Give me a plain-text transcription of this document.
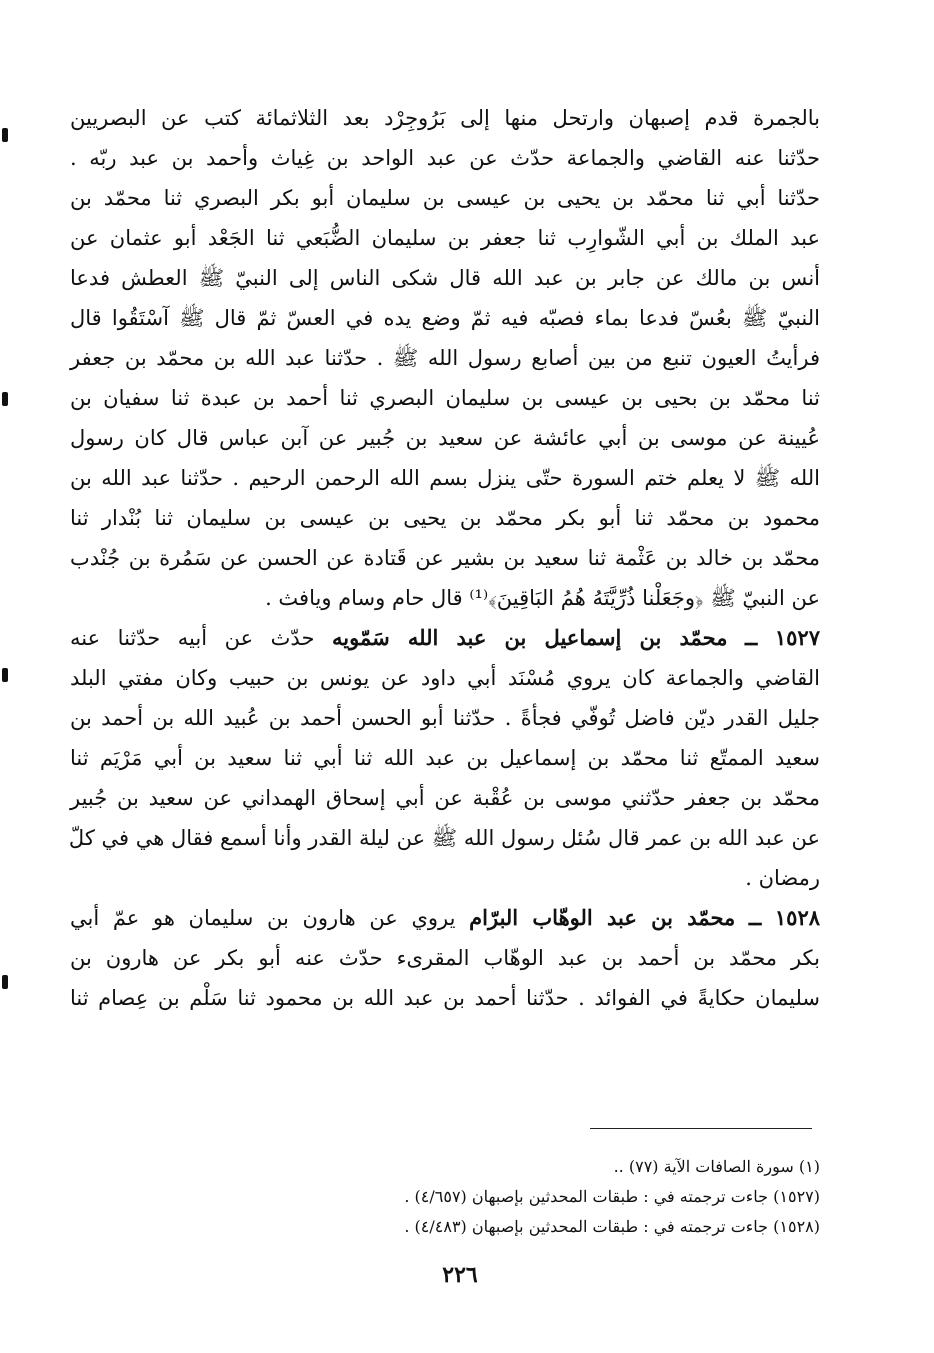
بالجمرة قدم إصبهان وارتحل منها إلى بَرُوجِرْد بعد الثلاثمائة كتب عن البصريين
حدّثنا عنه القاضي والجماعة حدّث عن عبد الواحد بن غِياث وأحمد بن عبد ربّه .
حدّثنا أبي ثنا محمّد بن يحيى بن عيسى بن سليمان أبو بكر البصري ثنا محمّد بن
عبد الملك بن أبي الشّوارِب ثنا جعفر بن سليمان الضُّبَعي ثنا الجَعْد أبو عثمان عن
أنس بن مالك عن جابر بن عبد الله قال شكى الناس إلى النبيّ ﷺ العطش فدعا
النبيّ ﷺ بعُسّ فدعا بماء فصبّه فيه ثمّ وضع يده في العسّ ثمّ قال ﷺ آسْتَقُوا قال
فرأيتُ العيون تنبع من بين أصابع رسول الله ﷺ . حدّثنا عبد الله بن محمّد بن جعفر
ثنا محمّد بن بحيى بن عيسى بن سليمان البصري ثنا أحمد بن عبدة ثنا سفيان بن
عُيينة عن موسى بن أبي عائشة عن سعيد بن جُبير عن آبن عباس قال كان رسول
الله ﷺ لا يعلم ختم السورة حتّى ينزل بسم الله الرحمن الرحيم . حدّثنا عبد الله بن
محمود بن محمّد ثنا أبو بكر محمّد بن يحيى بن عيسى بن سليمان ثنا بُنْدار ثنا
محمّد بن خالد بن عَثْمة ثنا سعيد بن بشير عن قَتادة عن الحسن عن سَمُرة بن جُنْدب
عن النبيّ ﷺ ﴿وجَعَلْنا ذُرِّيَّتَهُ هُمُ البَاقِينَ﴾⁽¹⁾ قال حام وسام ويافث .
١٥٢٧ ــ محمّد بن إسماعيل بن عبد الله سَمّويه حدّث عن أبيه حدّثنا عنه
القاضي والجماعة كان يروي مُسْنَد أبي داود عن يونس بن حبيب وكان مفتي البلد
جليل القدر ديّن فاضل تُوفّي فجأةً . حدّثنا أبو الحسن أحمد بن عُبيد الله بن أحمد بن
سعيد الممتّع ثنا محمّد بن إسماعيل بن عبد الله ثنا أبي ثنا سعيد بن أبي مَرْيَم ثنا
محمّد بن جعفر حدّثني موسى بن عُقْبة عن أبي إسحاق الهمداني عن سعيد بن جُبير
عن عبد الله بن عمر قال سُئل رسول الله ﷺ عن ليلة القدر وأنا أسمع فقال هي في كلّ
رمضان .
١٥٢٨ ــ محمّد بن عبد الوهّاب البرّام يروي عن هارون بن سليمان هو عمّ أبي
بكر محمّد بن أحمد بن عبد الوهّاب المقرىء حدّث عنه أبو بكر عن هارون بن
سليمان حكايةً في الفوائد . حدّثنا أحمد بن عبد الله بن محمود ثنا سَلْم بن عِصام ثنا
(١) سورة الصافات الآية (٧٧) ..
(١٥٢٧) جاءت ترجمته في : طبقات المحدثين بإصبهان (٤/٦٥٧) .
(١٥٢٨) جاءت ترجمته في : طبقات المحدثين بإصبهان (٤/٤٨٣) .
٢٢٦
